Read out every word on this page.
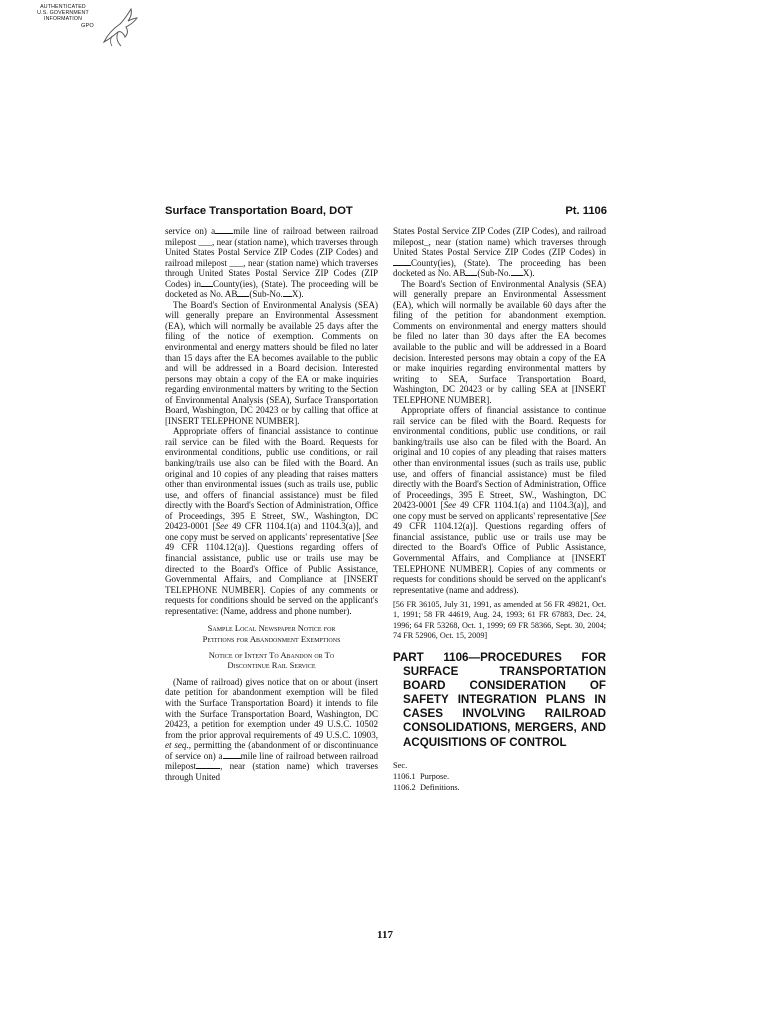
AUTHENTICATED
U.S. GOVERNMENT
INFORMATION
GPO
Surface Transportation Board, DOT	Pt. 1106

service on) a mile line of railroad between railroad milepost ___, near (station name), which traverses through United States Postal Service ZIP Codes (ZIP Codes) and railroad milepost ___, near (station name) which traverses through United States Postal Service ZIP Codes (ZIP Codes) in County(ies), (State). The proceeding will be docketed as No. AB (Sub-No. X).

The Board's Section of Environmental Analysis (SEA) will generally prepare an Environmental Assessment (EA), which will normally be available 25 days after the filing of the notice of exemption. Comments on environmental and energy matters should be filed no later than 15 days after the EA becomes available to the public and will be addressed in a Board decision. Interested persons may obtain a copy of the EA or make inquiries regarding environmental matters by writing to the Section of Environmental Analysis (SEA), Surface Transportation Board, Washington, DC 20423 or by calling that office at [INSERT TELEPHONE NUMBER].

Appropriate offers of financial assistance to continue rail service can be filed with the Board. Requests for environmental conditions, public use conditions, or rail banking/trails use also can be filed with the Board. An original and 10 copies of any pleading that raises matters other than environmental issues (such as trails use, public use, and offers of financial assistance) must be filed directly with the Board's Section of Administration, Office of Proceedings, 395 E Street, SW., Washington, DC 20423-0001 [See 49 CFR 1104.1(a) and 1104.3(a)], and one copy must be served on applicants' representative [See 49 CFR 1104.12(a)]. Questions regarding offers of financial assistance, public use or trails use may be directed to the Board's Office of Public Assistance, Governmental Affairs, and Compliance at [INSERT TELEPHONE NUMBER]. Copies of any comments or requests for conditions should be served on the applicant's representative: (Name, address and phone number).

Sample Local Newspaper Notice for
Petitions for Abandonment Exemptions
Notice of Intent To Abandon or To
Discontinue Rail Service

(Name of railroad) gives notice that on or about (insert date petition for abandonment exemption will be filed with the Surface Transportation Board) it intends to file with the Surface Transportation Board, Washington, DC 20423, a petition for exemption under 49 U.S.C. 10502 from the prior approval requirements of 49 U.S.C. 10903, et seq., permitting the (abandonment of or discontinuance of service on) a mile line of railroad between railroad milepost	, near (station name) which traverses through United

States Postal Service ZIP Codes (ZIP Codes), and railroad milepost_, near (station name) which traverses through United States Postal Service ZIP Codes (ZIP Codes) inCounty(ies), (State). The proceeding has been docketed as No. AB (Sub-No. X).

The Board's Section of Environmental Analysis (SEA) will generally prepare an Environmental Assessment (EA), which will normally be available 60 days after the filing of the petition for abandonment exemption. Comments on environmental and energy matters should be filed no later than 30 days after the EA becomes available to the public and will be addressed in a Board decision. Interested persons may obtain a copy of the EA or make inquiries regarding environmental matters by writing to SEA, Surface Transportation Board, Washington, DC 20423 or by calling SEA at [INSERT TELEPHONE NUMBER].

Appropriate offers of financial assistance to continue rail service can be filed with the Board. Requests for environmental conditions, public use conditions, or rail banking/trails use also can be filed with the Board. An original and 10 copies of any pleading that raises matters other than environmental issues (such as trails use, public use, and offers of financial assistance) must be filed directly with the Board's Section of Administration, Office of Proceedings, 395 E Street, SW., Washington, DC 20423-0001 [See 49 CFR 1104.1(a) and 1104.3(a)], and one copy must be served on applicants' representative [See 49 CFR 1104.12(a)]. Questions regarding offers of financial assistance, public use or trails use may be directed to the Board's Office of Public Assistance, Governmental Affairs, and Compliance at [INSERT TELEPHONE NUMBER]. Copies of any comments or requests for conditions should be served on the applicant's representative (name and address).

[56 FR 36105, July 31, 1991, as amended at 56 FR 49821, Oct. 1, 1991; 58 FR 44619, Aug. 24, 1993; 61 FR 67883, Dec. 24, 1996; 64 FR 53268, Oct. 1, 1999; 69 FR 58366, Sept. 30, 2004; 74 FR 52906, Oct. 15, 2009]

PART 1106—PROCEDURES FOR SURFACE TRANSPORTATION BOARD CONSIDERATION OF SAFETY INTEGRATION PLANS IN CASES INVOLVING RAILROAD CONSOLIDATIONS, MERGERS, AND ACQUISITIONS OF CONTROL
Sec.
1106.1 Purpose.
1106.2 Definitions.
117
